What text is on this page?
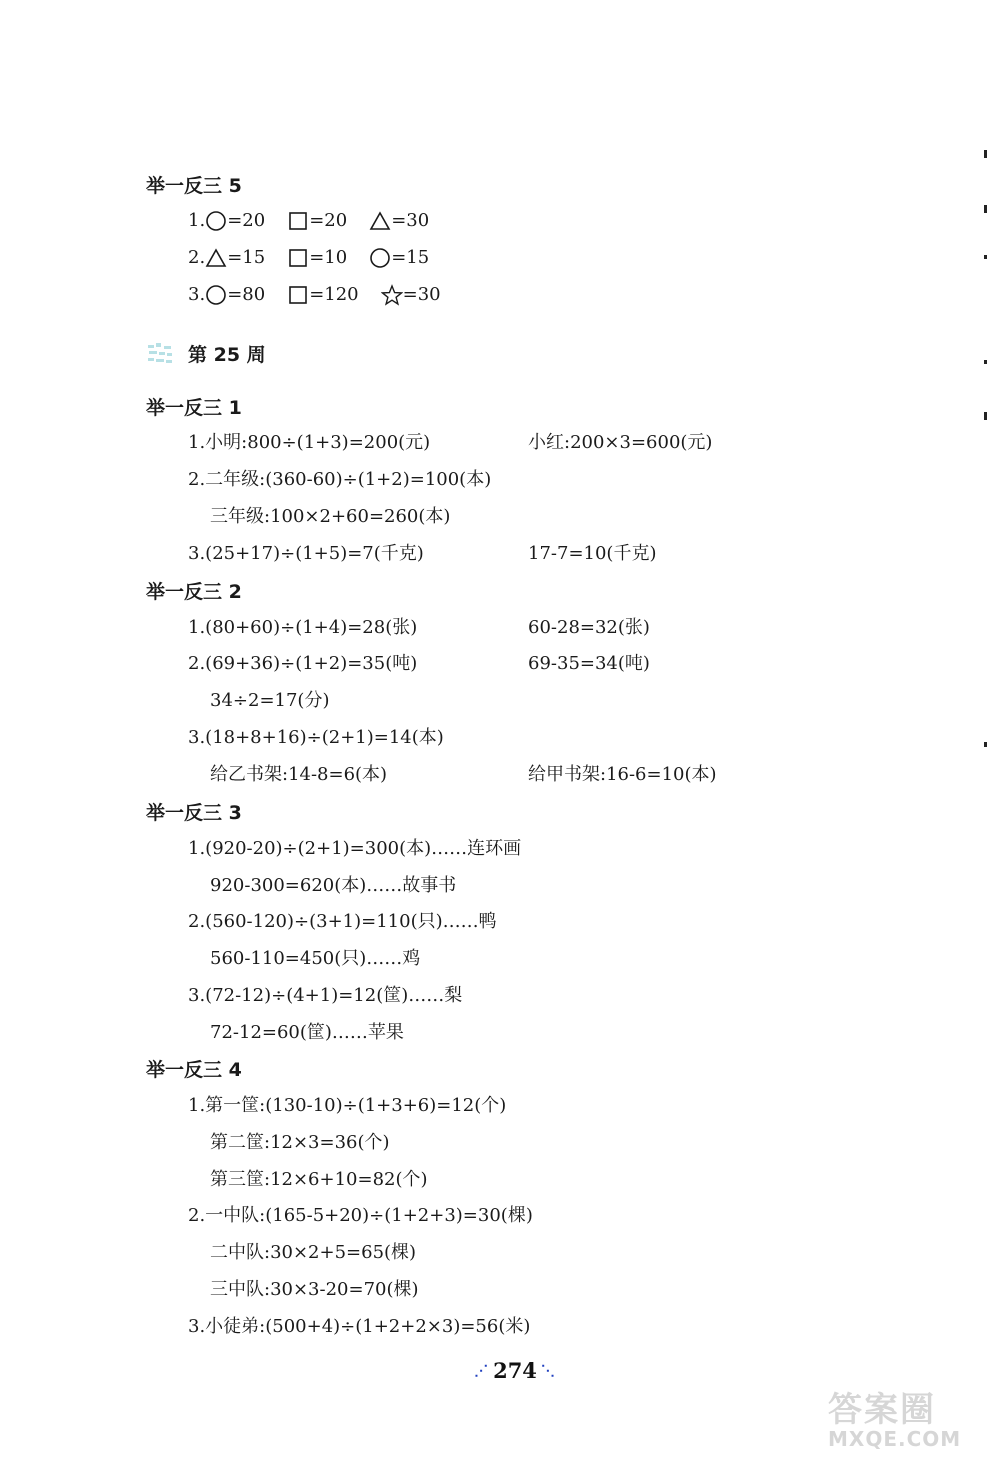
举一反三 5
1. =20 =20 =30
2. =15 =10 =15
3. =80 =120 =30
第 25 周
举一反三 1
1.小明:800÷(1+3)=200(元)	小红:200×3=600(元)
2.二年级:(360-60)÷(1+2)=100(本)
三年级:100×2+60=260(本)
3.(25+17)÷(1+5)=7(千克)	17-7=10(千克)
举一反三 2
1.(80+60)÷(1+4)=28(张)	60-28=32(张)
2.(69+36)÷(1+2)=35(吨)	69-35=34(吨)
34÷2=17(分)
3.(18+8+16)÷(2+1)=14(本)
给乙书架:14-8=6(本)	给甲书架:16-6=10(本)
举一反三 3
1.(920-20)÷(2+1)=300(本)……连环画
920-300=620(本)……故事书
2.(560-120)÷(3+1)=110(只)……鸭
560-110=450(只)……鸡
3.(72-12)÷(4+1)=12(筐)……梨
72-12=60(筐)……苹果
举一反三 4
1.第一筐:(130-10)÷(1+3+6)=12(个)
第二筐:12×3=36(个)
第三筐:12×6+10=82(个)
2.一中队:(165-5+20)÷(1+2+3)=30(棵)
二中队:30×2+5=65(棵)
三中队:30×3-20=70(棵)
3.小徒弟:(500+4)÷(1+2+2×3)=56(米)
⋰ 274 ⋱
答案圈
MXQE.COM
